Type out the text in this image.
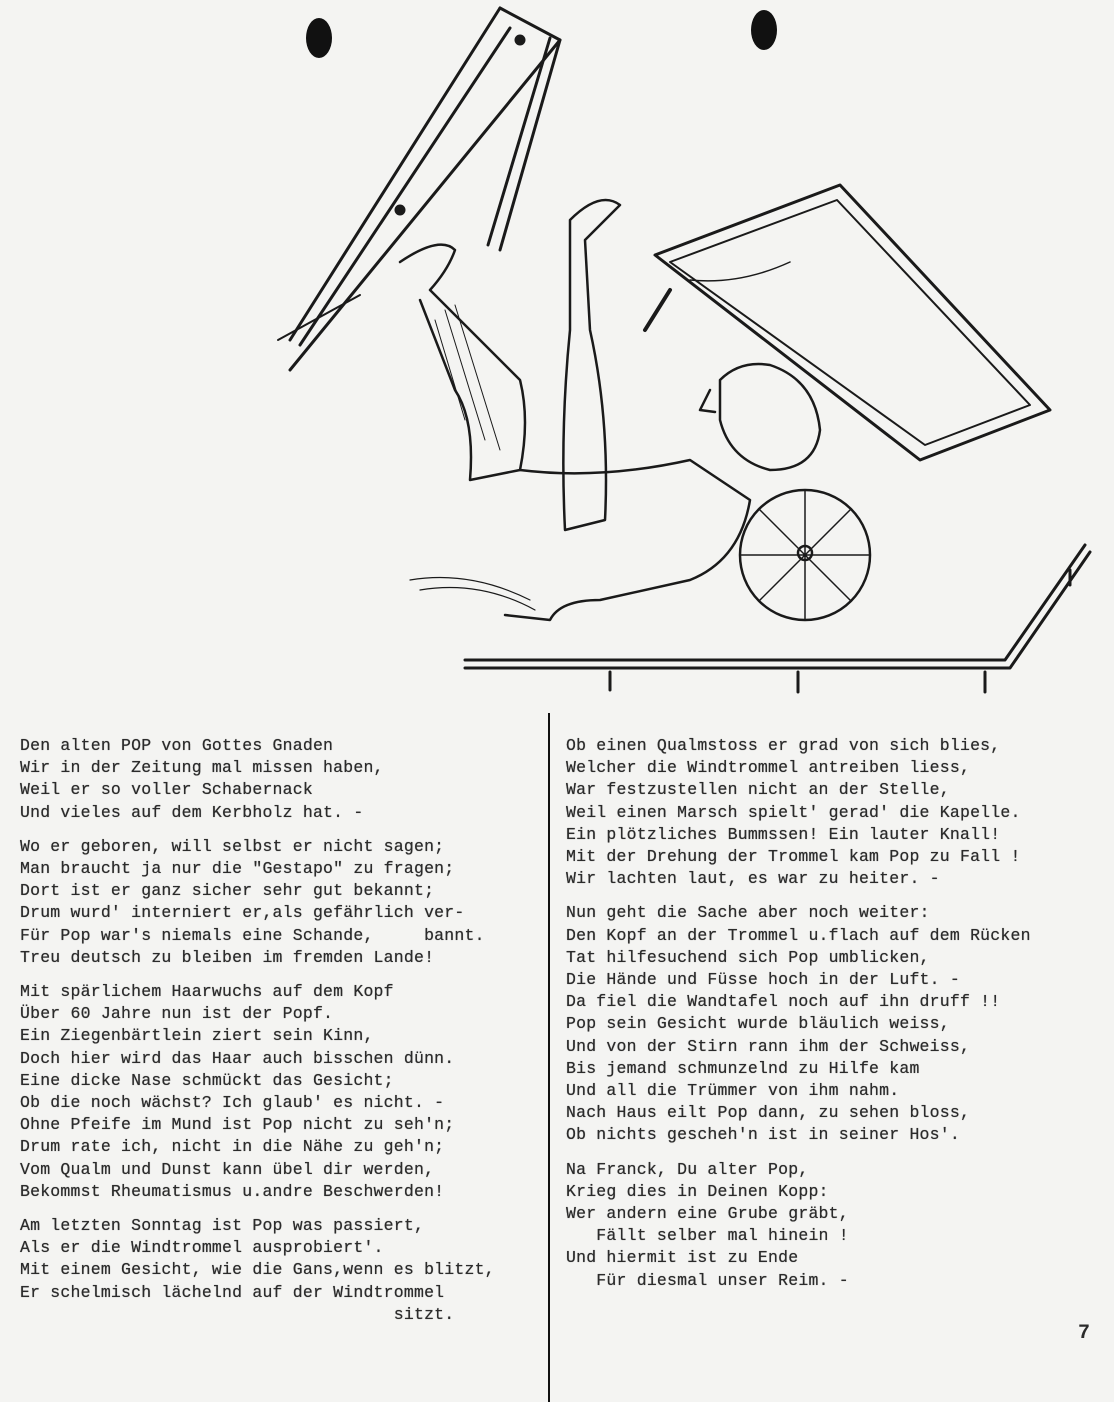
Den alten POP von Gottes Gnaden
Wir in der Zeitung mal missen haben,
Weil er so voller Schabernack
Und vieles auf dem Kerbholz hat. -
Wo er geboren, will selbst er nicht sagen;
Man braucht ja nur die "Gestapo" zu fragen;
Dort ist er ganz sicher sehr gut bekannt;
Drum wurd' interniert er,als gefährlich ver-
Für Pop war's niemals eine Schande,     bannt.
Treu deutsch zu bleiben im fremden Lande!
Mit spärlichem Haarwuchs auf dem Kopf
Über 60 Jahre nun ist der Popf.
Ein Ziegenbärtlein ziert sein Kinn,
Doch hier wird das Haar auch bisschen dünn.
Eine dicke Nase schmückt das Gesicht;
Ob die noch wächst? Ich glaub' es nicht. -
Ohne Pfeife im Mund ist Pop nicht zu seh'n;
Drum rate ich, nicht in die Nähe zu geh'n;
Vom Qualm und Dunst kann übel dir werden,
Bekommst Rheumatismus u.andre Beschwerden!
Am letzten Sonntag ist Pop was passiert,
Als er die Windtrommel ausprobiert'.
Mit einem Gesicht, wie die Gans,wenn es blitzt,
Er schelmisch lächelnd auf der Windtrommel
sitzt.
Ob einen Qualmstoss er grad von sich blies,
Welcher die Windtrommel antreiben liess,
War festzustellen nicht an der Stelle,
Weil einen Marsch spielt' gerad' die Kapelle.
Ein plötzliches Bummssen! Ein lauter Knall!
Mit der Drehung der Trommel kam Pop zu Fall !
Wir lachten laut, es war zu heiter. -
Nun geht die Sache aber noch weiter:
Den Kopf an der Trommel u.flach auf dem Rücken
Tat hilfesuchend sich Pop umblicken,
Die Hände und Füsse hoch in der Luft. -
Da fiel die Wandtafel noch auf ihn druff !!
Pop sein Gesicht wurde bläulich weiss,
Und von der Stirn rann ihm der Schweiss,
Bis jemand schmunzelnd zu Hilfe kam
Und all die Trümmer von ihm nahm.
Nach Haus eilt Pop dann, zu sehen bloss,
Ob nichts gescheh'n ist in seiner Hos'.
Na Franck, Du alter Pop,
Krieg dies in Deinen Kopp:
Wer andern eine Grube gräbt,
Fällt selber mal hinein !
Und hiermit ist zu Ende
Für diesmal unser Reim. -
7
